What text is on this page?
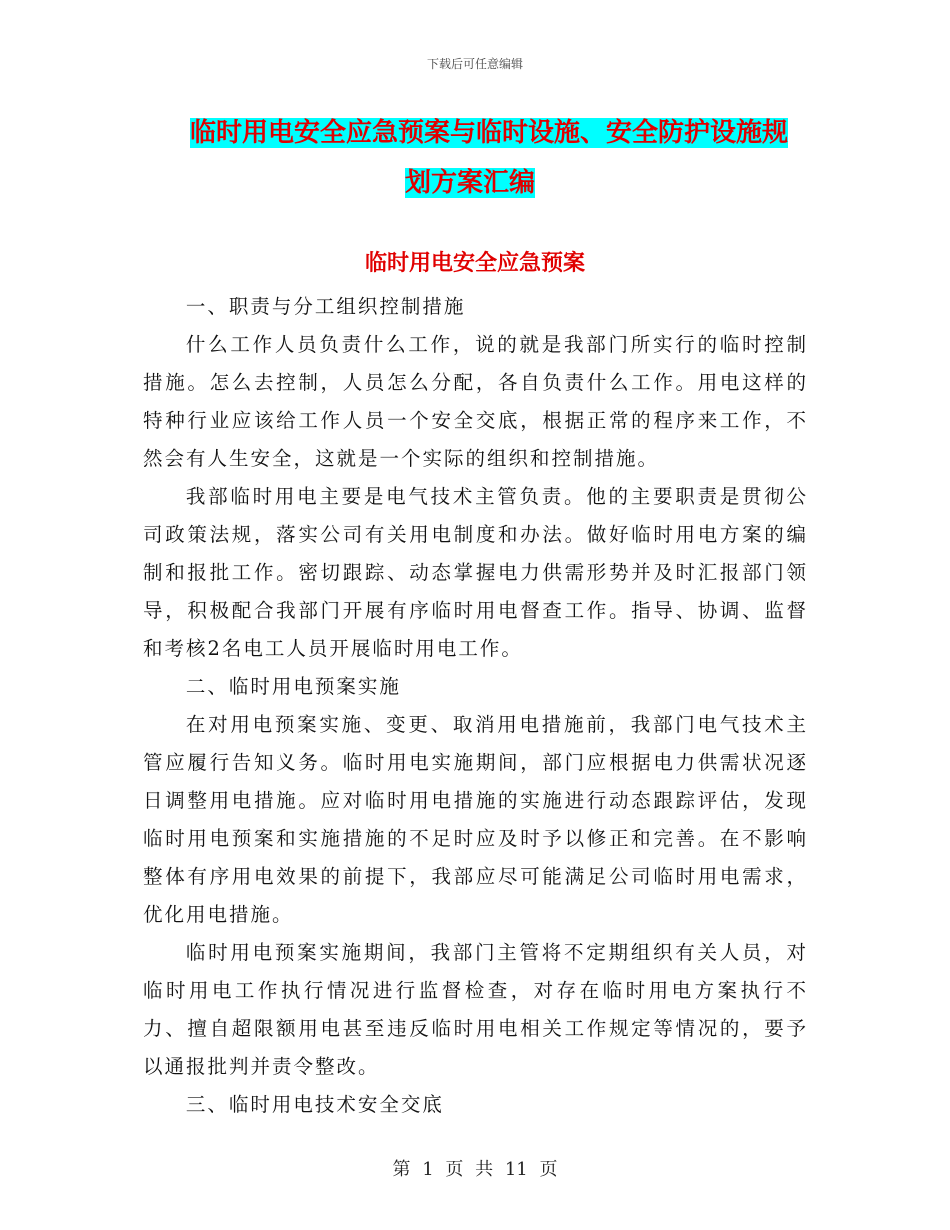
下载后可任意编辑
临时用电安全应急预案与临时设施、安全防护设施规
划方案汇编
临时用电安全应急预案

一、职责与分工组织控制措施

什么工作人员负责什么工作，说的就是我部门所实行的临时控制措施。怎么去控制，人员怎么分配，各自负责什么工作。用电这样的特种行业应该给工作人员一个安全交底，根据正常的程序来工作，不然会有人生安全，这就是一个实际的组织和控制措施。

我部临时用电主要是电气技术主管负责。他的主要职责是贯彻公司政策法规，落实公司有关用电制度和办法。做好临时用电方案的编制和报批工作。密切跟踪、动态掌握电力供需形势并及时汇报部门领导，积极配合我部门开展有序临时用电督查工作。指导、协调、监督和考核2名电工人员开展临时用电工作。

二、临时用电预案实施

在对用电预案实施、变更、取消用电措施前，我部门电气技术主管应履行告知义务。临时用电实施期间，部门应根据电力供需状况逐日调整用电措施。应对临时用电措施的实施进行动态跟踪评估，发现临时用电预案和实施措施的不足时应及时予以修正和完善。在不影响整体有序用电效果的前提下，我部应尽可能满足公司临时用电需求，优化用电措施。

临时用电预案实施期间，我部门主管将不定期组织有关人员，对临时用电工作执行情况进行监督检查，对存在临时用电方案执行不力、擅自超限额用电甚至违反临时用电相关工作规定等情况的，要予以通报批判并责令整改。

三、临时用电技术安全交底

第 1 页 共 11 页
